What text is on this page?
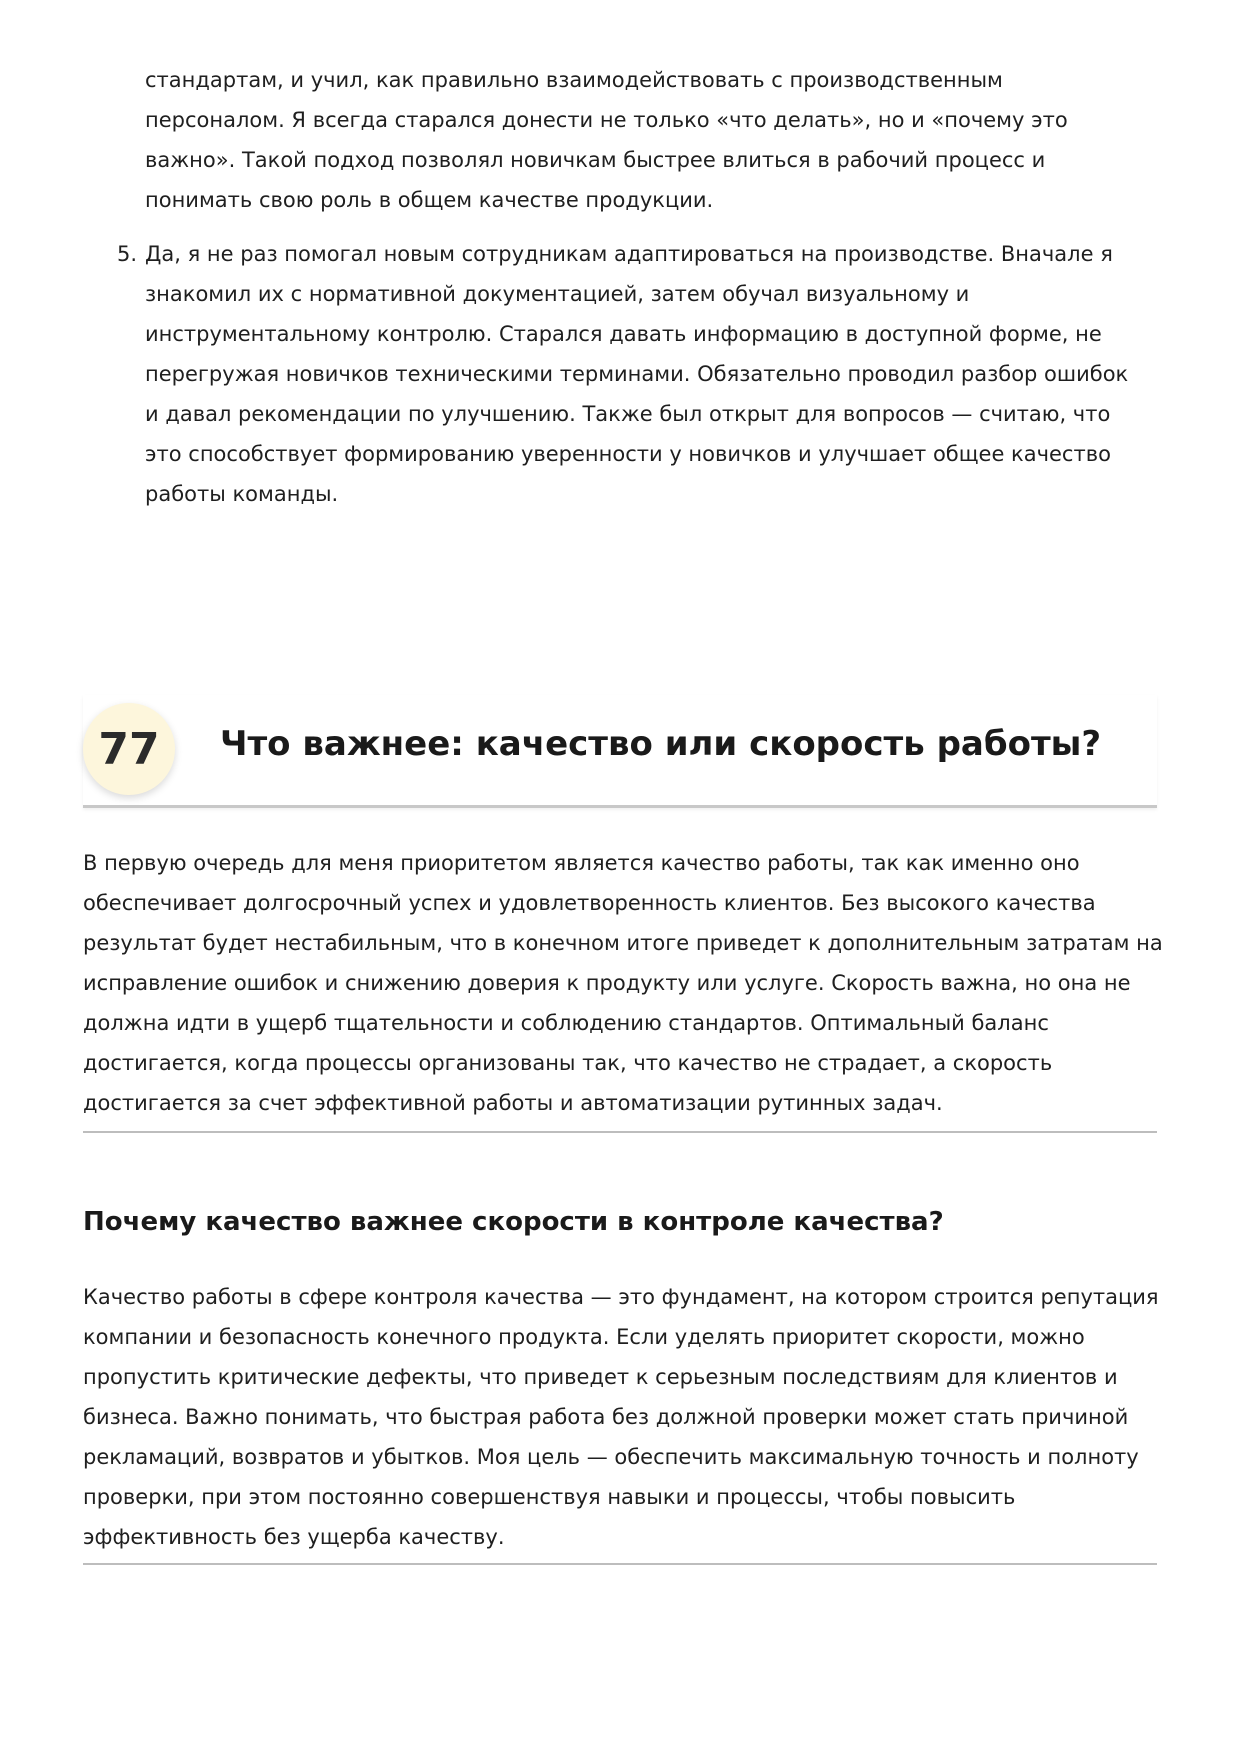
стандартам, и учил, как правильно взаимодействовать с производственным персоналом. Я всегда старался донести не только «что делать», но и «почему это важно». Такой подход позволял новичкам быстрее влиться в рабочий процесс и понимать свою роль в общем качестве продукции.

5. Да, я не раз помогал новым сотрудникам адаптироваться на производстве. Вначале я знакомил их с нормативной документацией, затем обучал визуальному и инструментальному контролю. Старался давать информацию в доступной форме, не перегружая новичков техническими терминами. Обязательно проводил разбор ошибок и давал рекомендации по улучшению. Также был открыт для вопросов — считаю, что это способствует формированию уверенности у новичков и улучшает общее качество работы команды.

77	Что важнее: качество или скорость работы?
В первую очередь для меня приоритетом является качество работы, так как именно оно обеспечивает долгосрочный успех и удовлетворенность клиентов. Без высокого качества результат будет нестабильным, что в конечном итоге приведет к дополнительным затратам на исправление ошибок и снижению доверия к продукту или услуге. Скорость важна, но она не должна идти в ущерб тщательности и соблюдению стандартов. Оптимальный баланс достигается, когда процессы организованы так, что качество не страдает, а скорость достигается за счет эффективной работы и автоматизации рутинных задач.
Почему качество важнее скорости в контроле качества?
Качество работы в сфере контроля качества — это фундамент, на котором строится репутация компании и безопасность конечного продукта. Если уделять приоритет скорости, можно пропустить критические дефекты, что приведет к серьезным последствиям для клиентов и бизнеса. Важно понимать, что быстрая работа без должной проверки может стать причиной рекламаций, возвратов и убытков. Моя цель — обеспечить максимальную точность и полноту проверки, при этом постоянно совершенствуя навыки и процессы, чтобы повысить эффективность без ущерба качеству.
